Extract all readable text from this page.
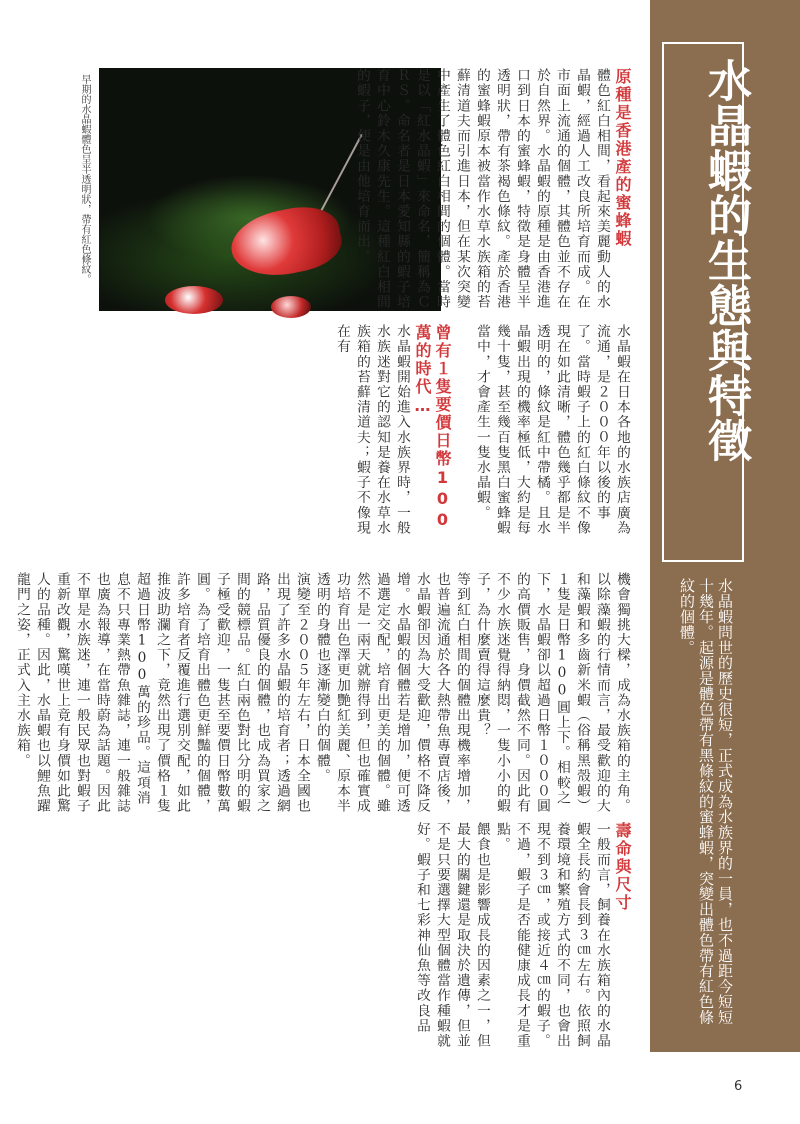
水晶蝦的生態與特徵
水晶蝦問世的歷史很短，正式成為水族界的一員，也不過距今短短十幾年。起源是體色帶有黑條紋的蜜蜂蝦，突變出體色帶有紅色條紋的個體。
早期的水晶蝦體色呈半透明狀，帶有紅色條紋。	原種是香港產的蜜蜂蝦
體色紅白相間，看起來美麗動人的水晶蝦，經過人工改良所培育而成。在市面上流通的個體，其體色並不存在於自然界。水晶蝦的原種是由香港進口到日本的蜜蜂蝦，特徵是身體呈半透明狀，帶有茶褐色條紋。產於香港的蜜蜂蝦原本被當作水草水族箱的苔蘚清道夫而引進日本，但在某次突變中產生了體色紅白相間的個體。當時是以「紅水晶蝦」來命名，簡稱為ＣＲＳ。命名者是日本愛知縣的蝦子培育中心鈴木久康先生。這種紅白相間的蝦子，便是由他培育而出。
水晶蝦在日本各地的水族店廣為流通，是２０００年以後的事了。當時蝦子上的紅白條紋不像現在如此清晰，體色幾乎都是半透明的，條紋是紅中帶橘。且水晶蝦出現的機率極低，大約是每幾十隻，甚至幾百隻黑白蜜蜂蝦當中，才會產生一隻水晶蝦。

曾有１隻要價日幣100萬的時代…
水晶蝦開始進入水族界時，一般水族迷對它的認知是養在水草水族箱的苔蘚清道夫；蝦子不像現在有
機會獨挑大樑，成為水族箱的主角。以除藻蝦的行情而言，最受歡迎的大和藻蝦和多齒新米蝦（俗稱黑殼蝦）１隻是日幣100圓上下。相較之下，水晶蝦卻以超過日幣１０００圓的高價販售，身價截然不同。因此有不少水族迷覺得納悶，一隻小小的蝦子，為什麼賣得這麼貴？
等到紅白相間的個體出現機率增加，也普遍流通於各大熱帶魚專賣店後，水晶蝦卻因為大受歡迎，價格不降反增。水晶蝦的個體若是增加，便可透過選定交配，培育出更美的個體。雖然不是一兩天就辦得到，但也確實成功培育出色澤更加艷紅美麗、原本半透明的身體也逐漸變白的個體。
演變至２００５年左右，日本全國也出現了許多水晶蝦的培育者；透過網路，品質優良的個體，也成為買家之間的競標品。紅白兩色對比分明的蝦子極受歡迎，一隻甚至要價日幣數萬圓。為了培育出體色更鮮豔的個體，許多培育者反覆進行選別交配，如此推波助瀾之下，竟然出現了價格１隻超過日幣100萬的珍品。這項消息不只專業熱帶魚雜誌，連一般雜誌也廣為報導，在當時蔚為話題。因此不單是水族迷，連一般民眾也對蝦子重新改觀，驚嘆世上竟有身價如此驚人的品種。因此，水晶蝦也以鯉魚躍龍門之姿，正式入主水族箱。
壽命與尺寸
一般而言，飼養在水族箱內的水晶蝦全長約會長到３㎝左右。依照飼養環境和繁殖方式的不同，也會出現不到３㎝，或接近４㎝的蝦子。不過，蝦子是否能健康成長才是重點。
餵食也是影響成長的因素之一，但最大的關鍵還是取決於遺傳，但並不是只要選擇大型個體當作種蝦就好。蝦子和七彩神仙魚等改良品
6
